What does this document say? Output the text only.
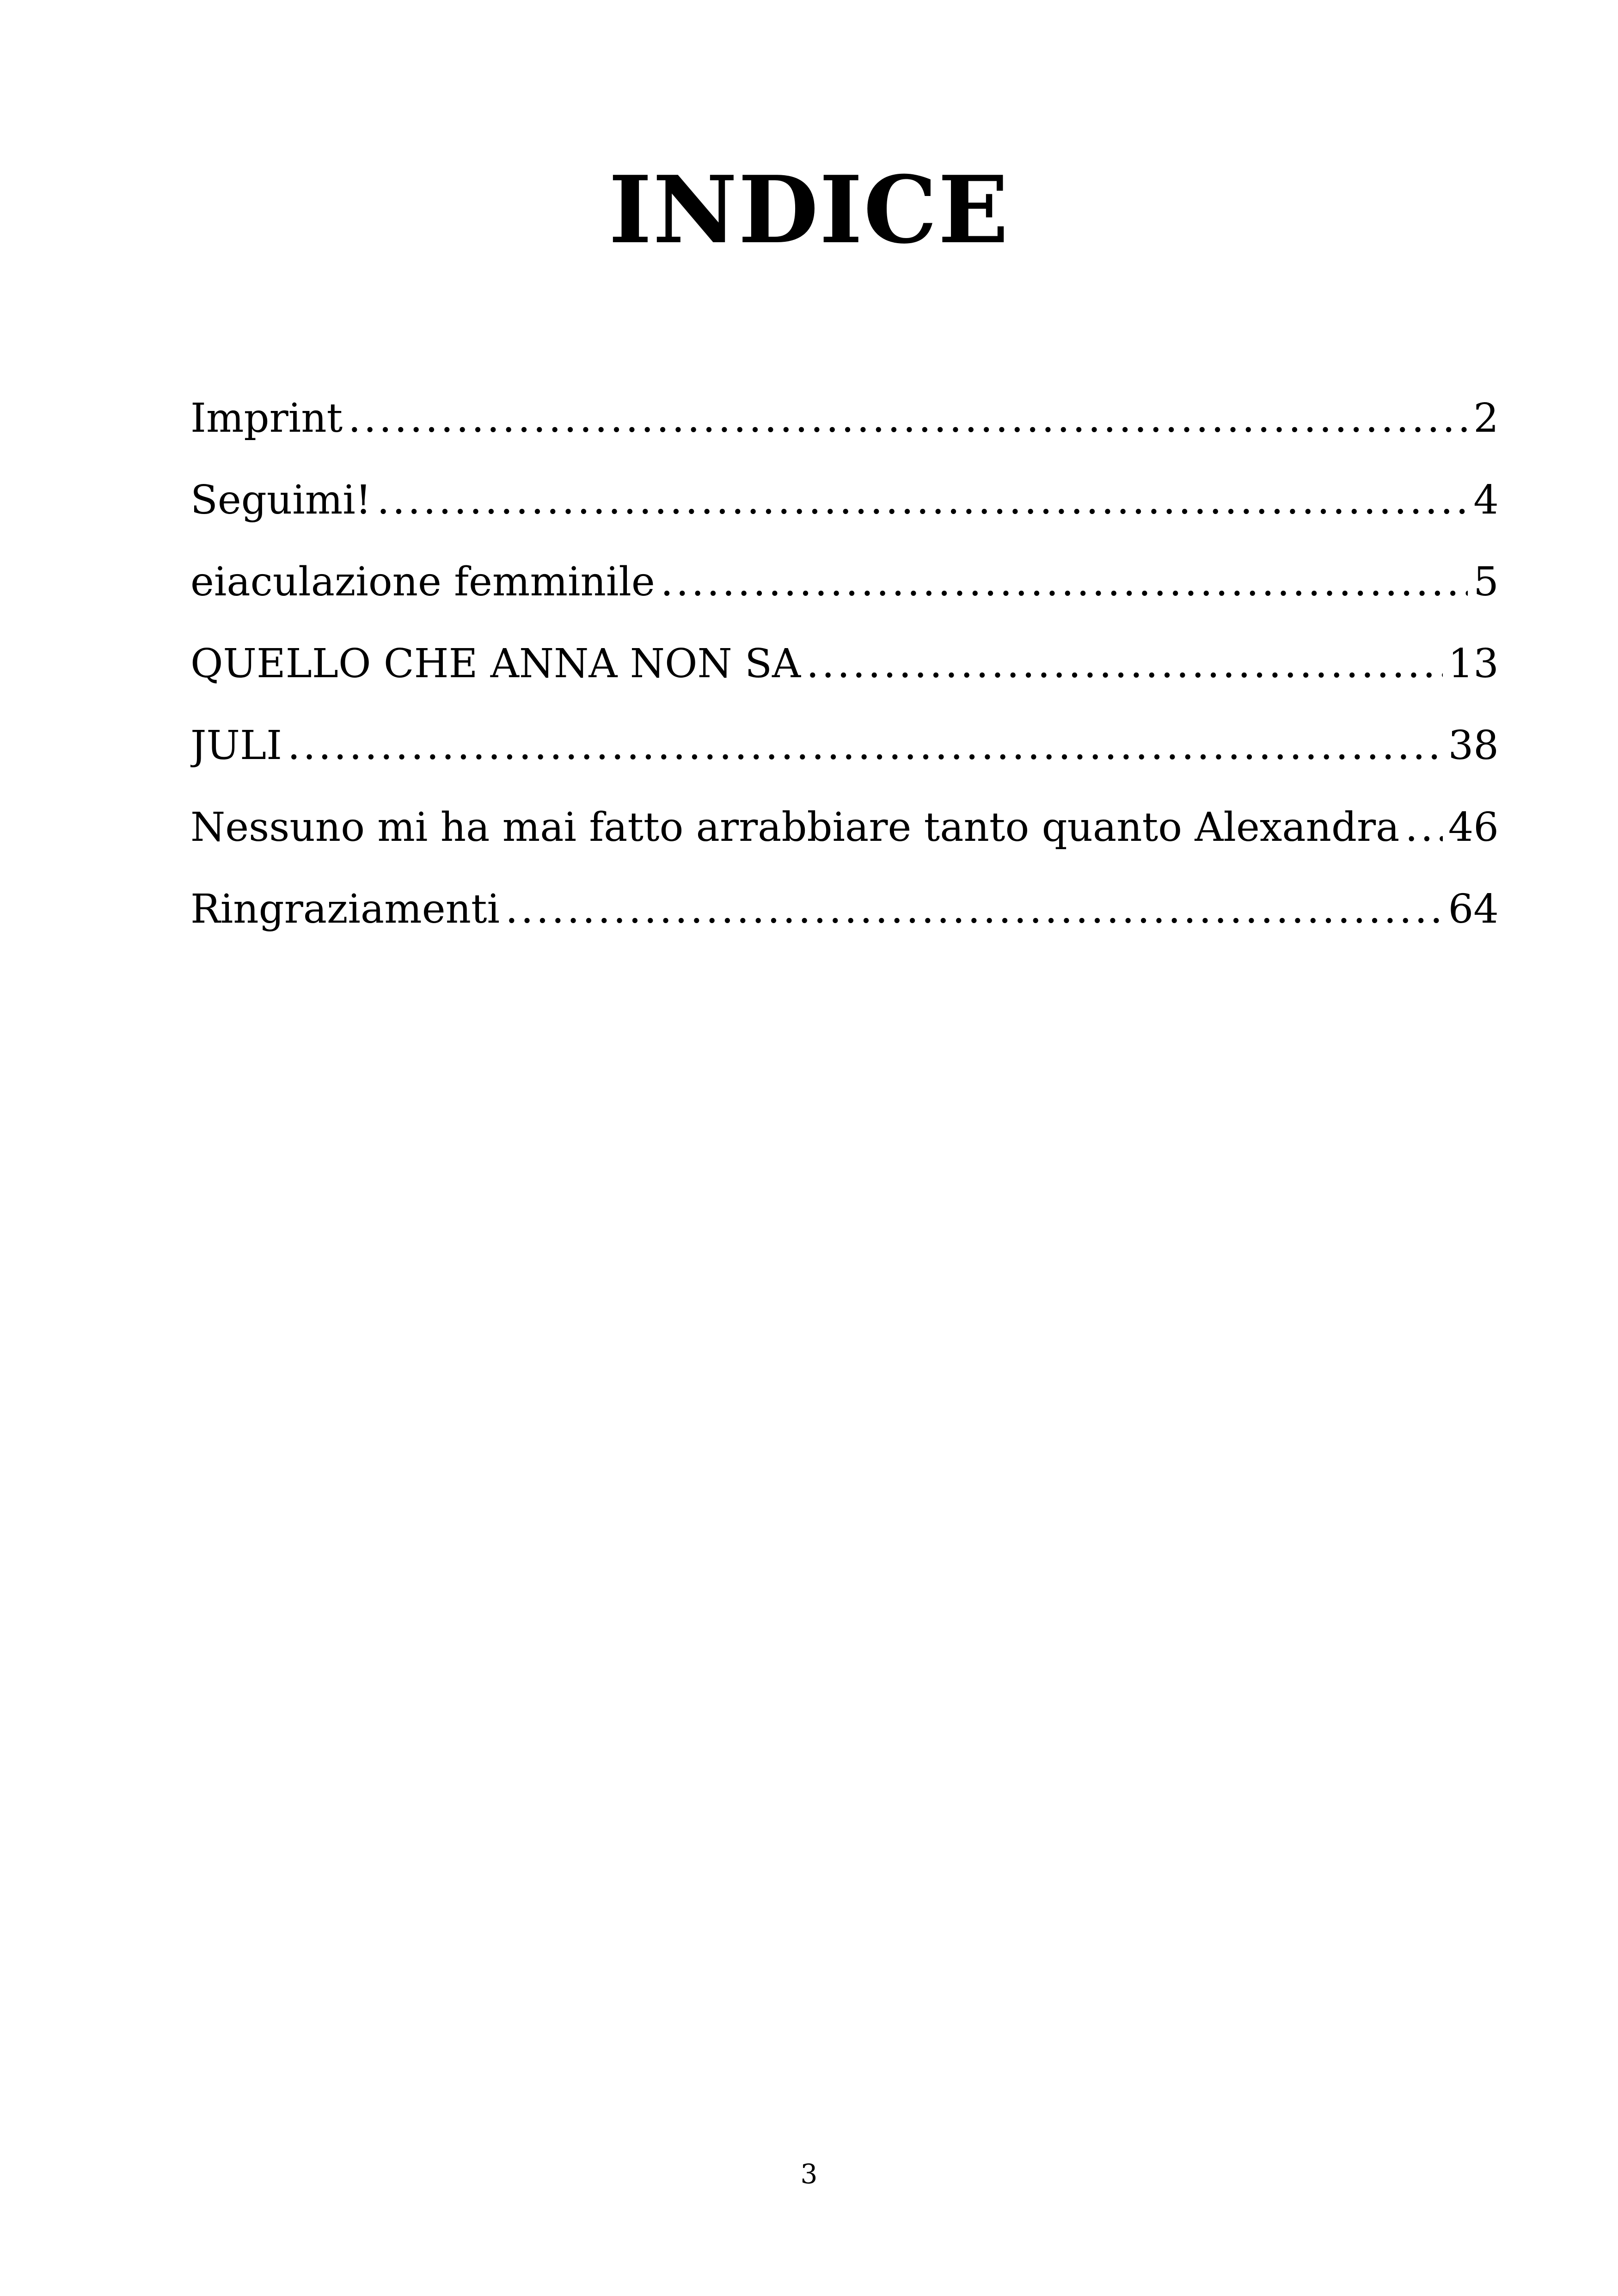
INDICE
Imprint .....	2
Seguimi! .....	4
eiaculazione femminile .....	5
QUELLO CHE ANNA NON SA .....	13
JULI .....	38
Nessuno mi ha mai fatto arrabbiare tanto quanto Alexandra ..... 46
Ringraziamenti .....	64

3
